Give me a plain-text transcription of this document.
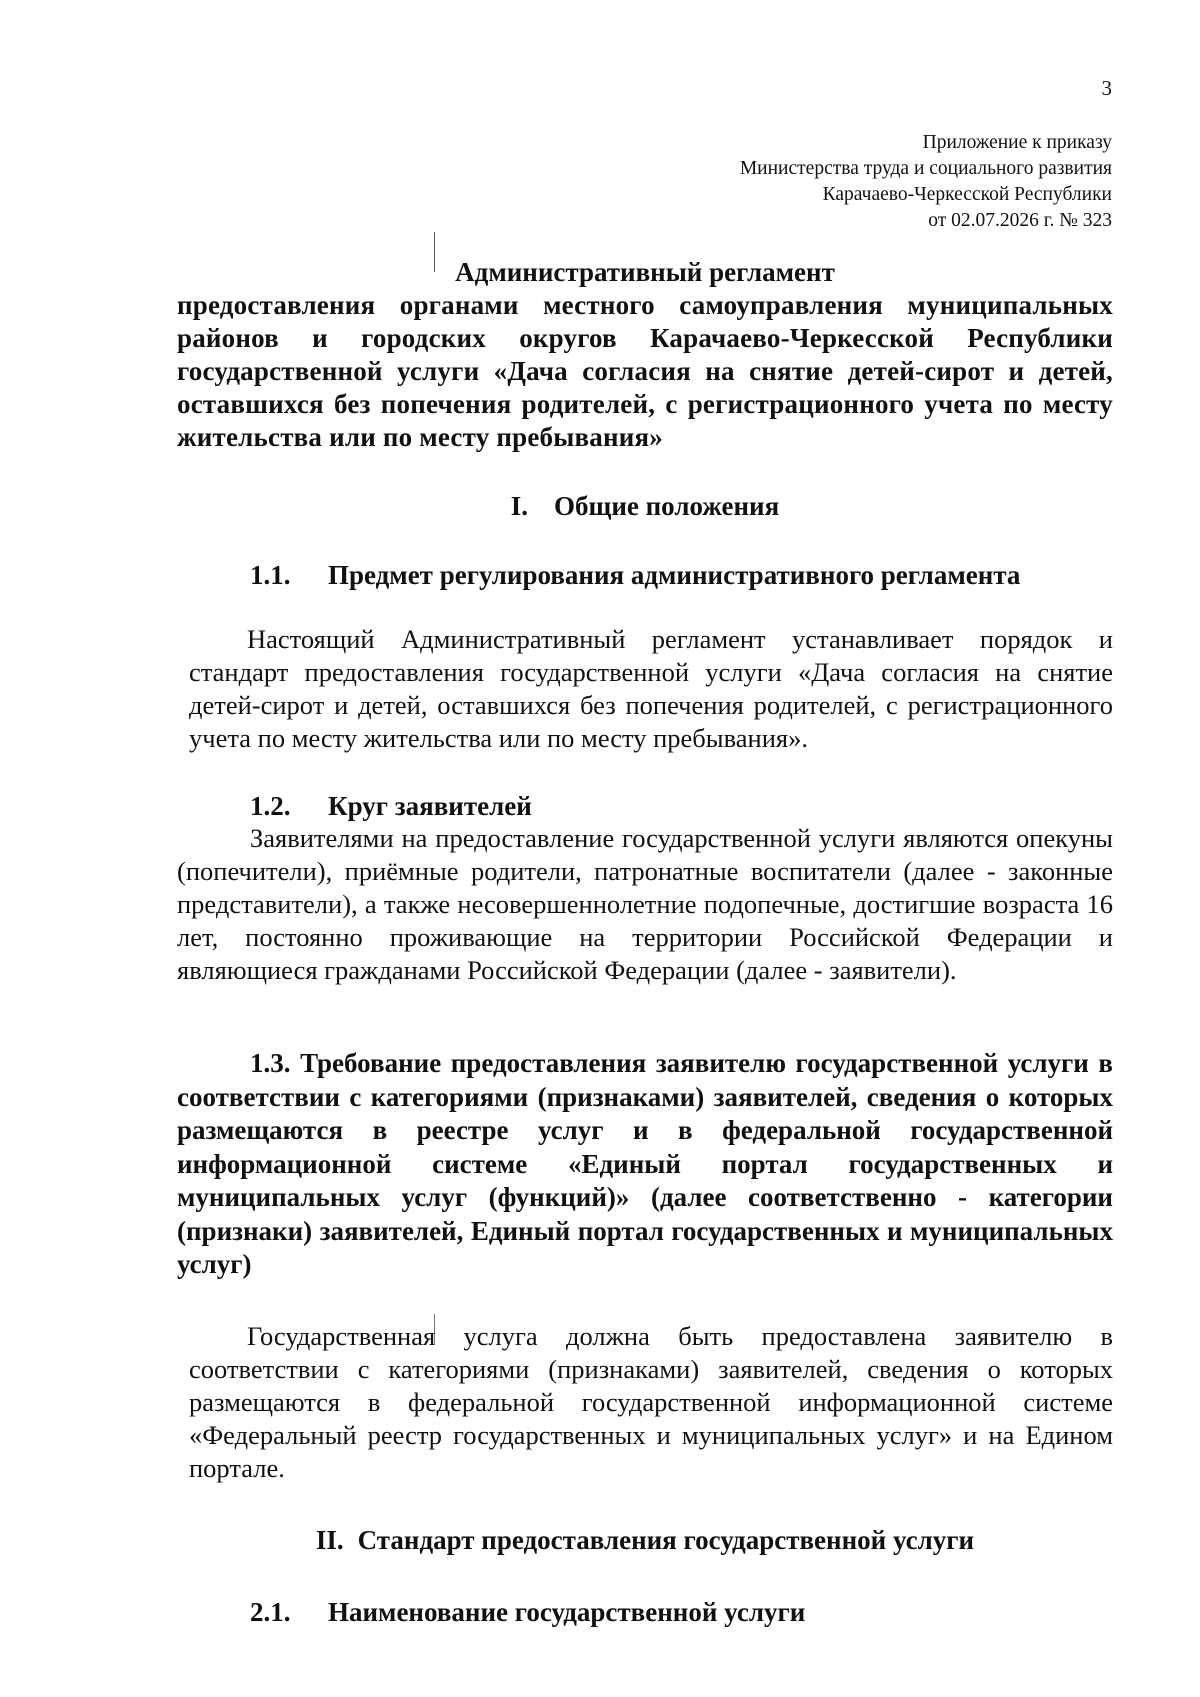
3
Приложение к приказу
Министерства труда и социального развития
Карачаево-Черкесской Республики
от 02.07.2026 г. № 323
Административный регламент
предоставления органами местного самоуправления муниципальных районов и городских округов Карачаево-Черкесской Республики государственной услуги «Дача согласия на снятие детей-сирот и детей, оставшихся без попечения родителей, с регистрационного учета по месту жительства или по месту пребывания»
I. Общие положения
1.1. Предмет регулирования административного регламента
Настоящий Административный регламент устанавливает порядок и стандарт предоставления государственной услуги «Дача согласия на снятие детей-сирот и детей, оставшихся без попечения родителей, с регистрационного учета по месту жительства или по месту пребывания».
1.2. Круг заявителей
Заявителями на предоставление государственной услуги являются опекуны (попечители), приёмные родители, патронатные воспитатели (далее - законные представители), а также несовершеннолетние подопечные, достигшие возраста 16 лет, постоянно проживающие на территории Российской Федерации и являющиеся гражданами Российской Федерации (далее - заявители).
1.3. Требование предоставления заявителю государственной услуги в соответствии с категориями (признаками) заявителей, сведения о которых размещаются в реестре услуг и в федеральной государственной информационной системе «Единый портал государственных и муниципальных услуг (функций)» (далее соответственно - категории (признаки) заявителей, Единый портал государственных и муниципальных услуг)
Государственная услуга должна быть предоставлена заявителю в соответствии с категориями (признаками) заявителей, сведения о которых размещаются в федеральной государственной информационной системе «Федеральный реестр государственных и муниципальных услуг» и на Едином портале.
II. Стандарт предоставления государственной услуги
2.1. Наименование государственной услуги
